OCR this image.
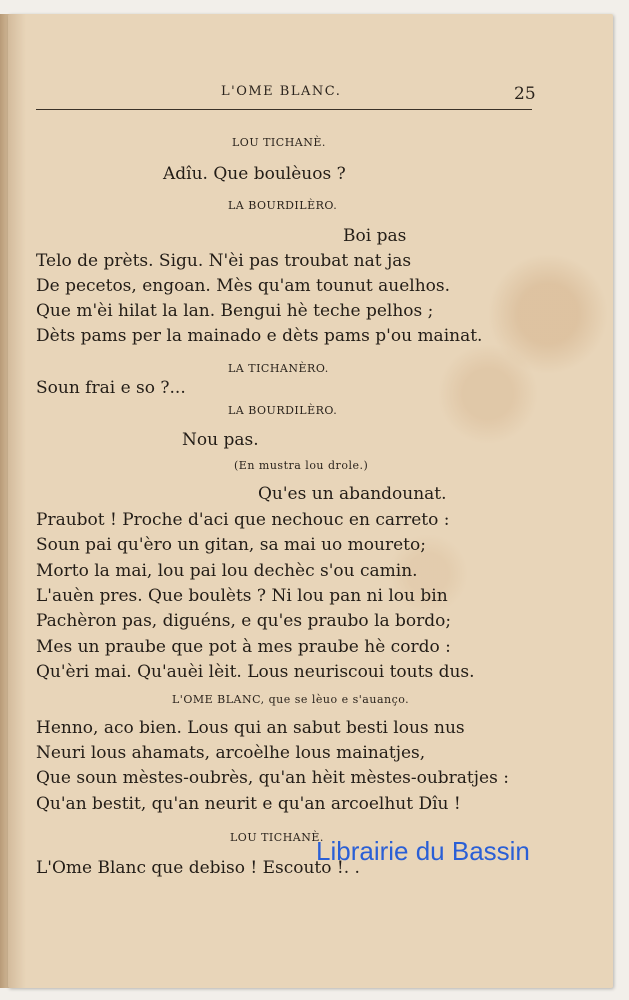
L'OME BLANC.	25
LOU TICHANÈ.
Adîu. Que boulèuos ?
LA BOURDILÈRO.
Boi pas
Telo de prèts. Sigu. N'èi pas troubat nat jas
De pecetos, engoan. Mès qu'am tounut auelhos.
Que m'èi hilat la lan. Bengui hè teche pelhos ;
Dèts pams per la mainado e dèts pams p'ou mainat.
LA TICHANÈRO.
Soun frai e so ?...
LA BOURDILÈRO.
Nou pas.
(En mustra lou drole.)
Qu'es un abandounat.
Praubot ! Proche d'aci que nechouc en carreto :
Soun pai qu'èro un gitan, sa mai uo moureto;
Morto la mai, lou pai lou dechèc s'ou camin.
L'auèn pres. Que boulèts ? Ni lou pan ni lou bin
Pachèron pas, diguéns, e qu'es praubo la bordo;
Mes un praube que pot à mes praube hè cordo :
Qu'èri mai. Qu'auèi lèit. Lous neuriscoui touts dus.
L'OME BLANC, que se lèuo e s'auanço.
Henno, aco bien. Lous qui an sabut besti lous nus
Neuri lous ahamats, arcoèlhe lous mainatjes,
Que soun mèstes-oubrès, qu'an hèit mèstes-oubratjes :
Qu'an bestit, qu'an neurit e qu'an arcoelhut Dîu !
LOU TICHANÈ.
L'Ome Blanc que debiso ! Escouto !. .
Librairie du Bassin
